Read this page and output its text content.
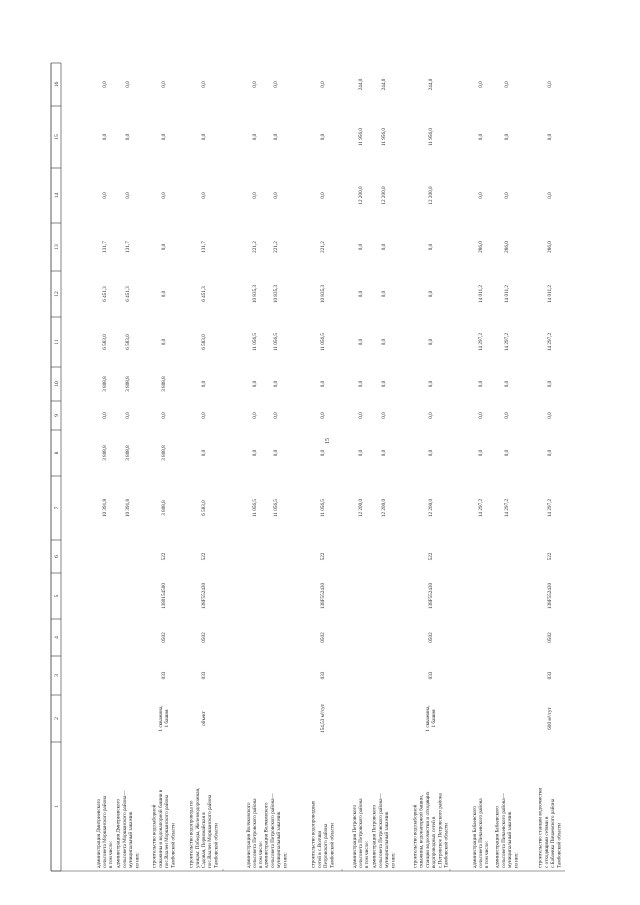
15
1
2
3
4
5
6
7
8
9
10
11
12
13
14
15
16
администрация Дмитриевского сельсовета Моршанского района в том числе:
10 391,8
3 808,8
0,0
3 808,8
6 583,0
6 451,3
131,7
0,0
0,0
0,0
администрация Дмитриевского сельсовета Моршанского района— муниципальный заказчик из них:
10 391,8
3 808,8
0,0
3 808,8
6 583,0
6 451,3
131,7
0,0
0,0
0,0
строительство водозаборной скважины и водонапорной башни в пос.Ваален Моршанского района Тамбовской области
1 скважина, 1 башня
033
0502
1380154500
522
3 808,8
3 808,8
0,0
3 808,8
0,0
0,0
0,0
0,0
0,0
0,0
строительство водопровода по улицам: Победы, Железнодорожная, Садовая, Первомайская в пос.Ваален Моршанского района Тамбовской области
объект
033
0502
138F552430
522
6 583,0
0,0
0,0
0,0
6 583,0
6 451,3
131,7
0,0
0,0
0,0
администрация Волчковского сельсовета Петровского района в том числе:
11 056,5
0,0
0,0
0,0
11 056,5
10 835,3
221,2
0,0
0,0
0,0
администрация Волчковского сельсовета Петровского района— муниципальный заказчик из них:
11 056,5
0,0
0,0
0,0
11 056,5
10 835,3
221,2
0,0
0,0
0,0
строительство водопроводных сетей в с.Волчки Петровского района Тамбовской области
154,53 м³/сут
033
0502
138F552430
522
11 056,5
0,0
0,0
0,0
11 056,5
10 835,3
221,2
0,0
0,0
0,0
администрация Петровского сельсовета Петровского района в том числе:
12 200,0
0,0
0,0
0,0
0,0
0,0
0,0
12 200,0
11 956,0
244,0
администрация Петровского сельсовета Петровского района— муниципальный заказчик из них:
12 200,0
0,0
0,0
0,0
0,0
0,0
0,0
12 200,0
11 956,0
244,0
строительство водозаборной скважины, водонапорной башни, станции водоочистки и отходящих водопроводных сетей в с.Петровское Петровского района Тамбовской области
1 скважина, 1 башня
033
0502
138F552430
522
12 200,0
0,0
0,0
0,0
0,0
0,0
0,0
12 200,0
11 956,0
244,0
администрация Бабаевского сельсовета Пичаевского района в том числе:
14 297,2
0,0
0,0
0,0
14 297,2
14 011,2
286,0
0,0
0,0
0,0
администрация Бабаевского сельсовета Пичаевского района— муниципальный заказчик из них:
14 297,2
0,0
0,0
0,0
14 297,2
14 011,2
286,0
0,0
0,0
0,0
строительство станции водоочистки с отходящими сетями в с.Бабаевка Пичаевского района Тамбовской области
600 м³/сут
033
0502
138F552430
522
14 297,2
0,0
0,0
0,0
14 297,2
14 011,2
286,0
0,0
0,0
0,0
